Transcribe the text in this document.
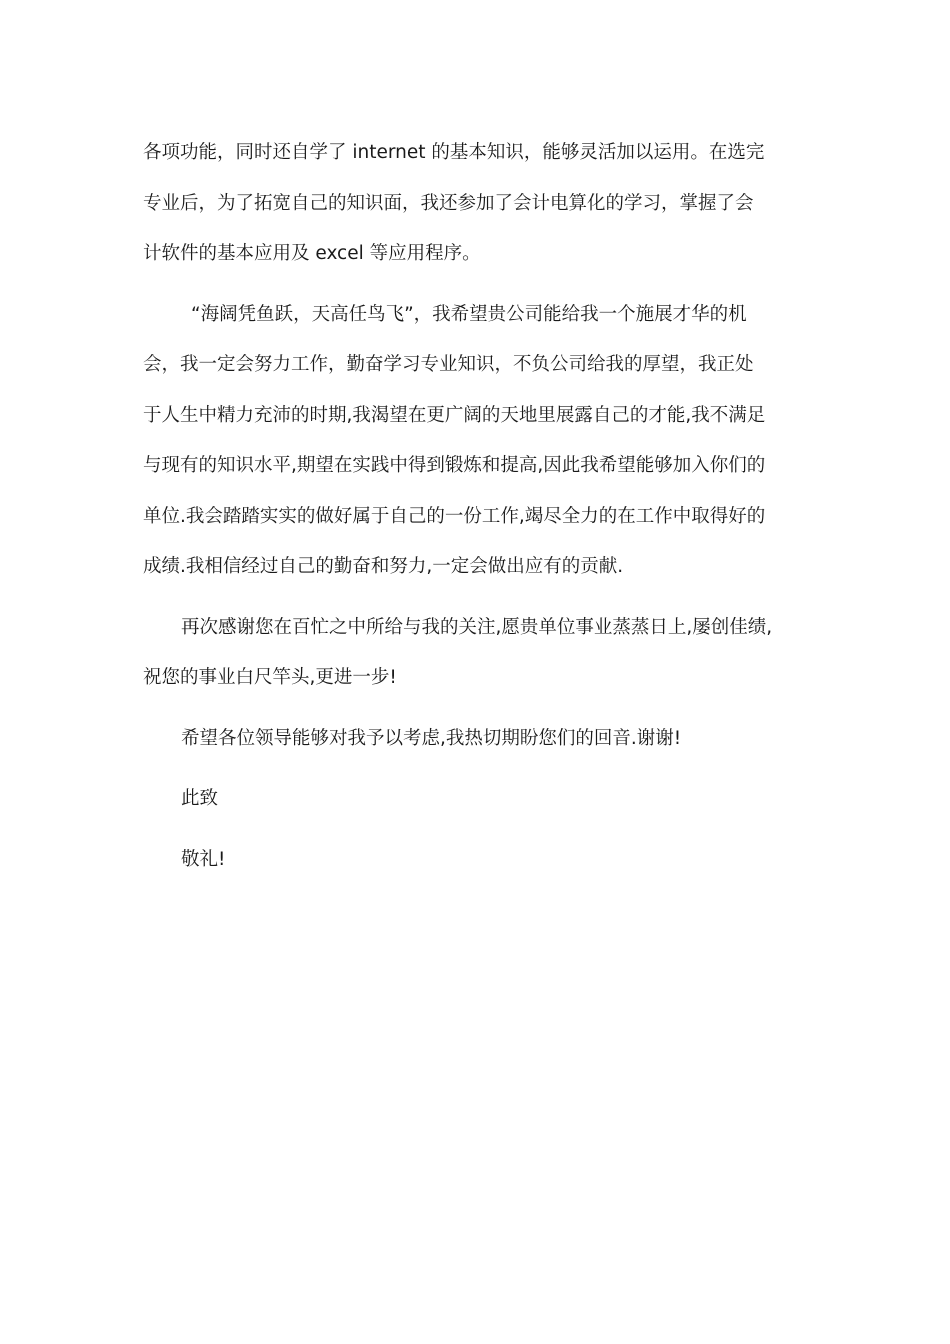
各项功能，同时还自学了 internet 的基本知识，能够灵活加以运用。在选完
专业后，为了拓宽自己的知识面，我还参加了会计电算化的学习，掌握了会
计软件的基本应用及 excel 等应用程序。

“海阔凭鱼跃，天高任鸟飞”，我希望贵公司能给我一个施展才华的机
会，我一定会努力工作，勤奋学习专业知识，不负公司给我的厚望，我正处
于人生中精力充沛的时期,我渴望在更广阔的天地里展露自己的才能,我不满足
与现有的知识水平,期望在实践中得到锻炼和提高,因此我希望能够加入你们的
单位.我会踏踏实实的做好属于自己的一份工作,竭尽全力的在工作中取得好的
成绩.我相信经过自己的勤奋和努力,一定会做出应有的贡献.

再次感谢您在百忙之中所给与我的关注,愿贵单位事业蒸蒸日上,屡创佳绩,
祝您的事业白尺竿头,更进一步!

希望各位领导能够对我予以考虑,我热切期盼您们的回音.谢谢!

此致

敬礼!
